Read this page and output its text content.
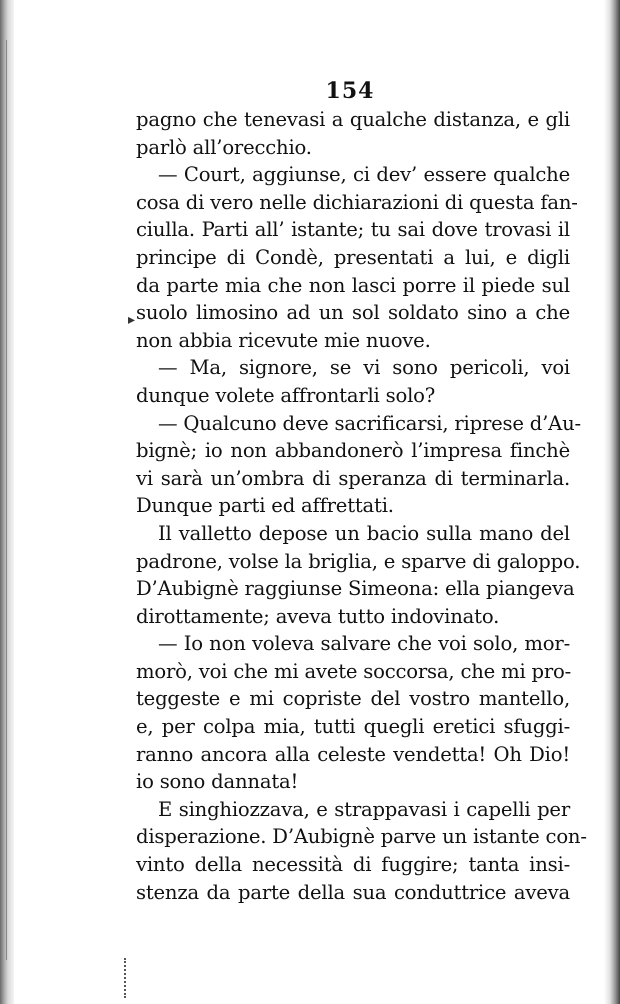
154
▸
pagno che tenevasi a qualche distanza, e gli
parlò all’orecchio.
— Court, aggiunse, ci dev’ essere qualche
cosa di vero nelle dichiarazioni di questa fan-
ciulla. Parti all’ istante; tu sai dove trovasi il
principe di Condè, presentati a lui, e digli
da parte mia che non lasci porre il piede sul
suolo limosino ad un sol soldato sino a che
non abbia ricevute mie nuove.
— Ma, signore, se vi sono pericoli, voi
dunque volete affrontarli solo?
— Qualcuno deve sacrificarsi, riprese d’Au-
bignè; io non abbandonerò l’impresa finchè
vi sarà un’ombra di speranza di terminarla.
Dunque parti ed affrettati.
Il valletto depose un bacio sulla mano del
padrone, volse la briglia, e sparve di galoppo.
D’Aubignè raggiunse Simeona: ella piangeva
dirottamente; aveva tutto indovinato.
— Io non voleva salvare che voi solo, mor-
morò, voi che mi avete soccorsa, che mi pro-
teggeste e mi copriste del vostro mantello,
e, per colpa mia, tutti quegli eretici sfuggi-
ranno ancora alla celeste vendetta! Oh Dio!
io sono dannata!
E singhiozzava, e strappavasi i capelli per
disperazione. D’Aubignè parve un istante con-
vinto della necessità di fuggire; tanta insi-
stenza da parte della sua conduttrice aveva
